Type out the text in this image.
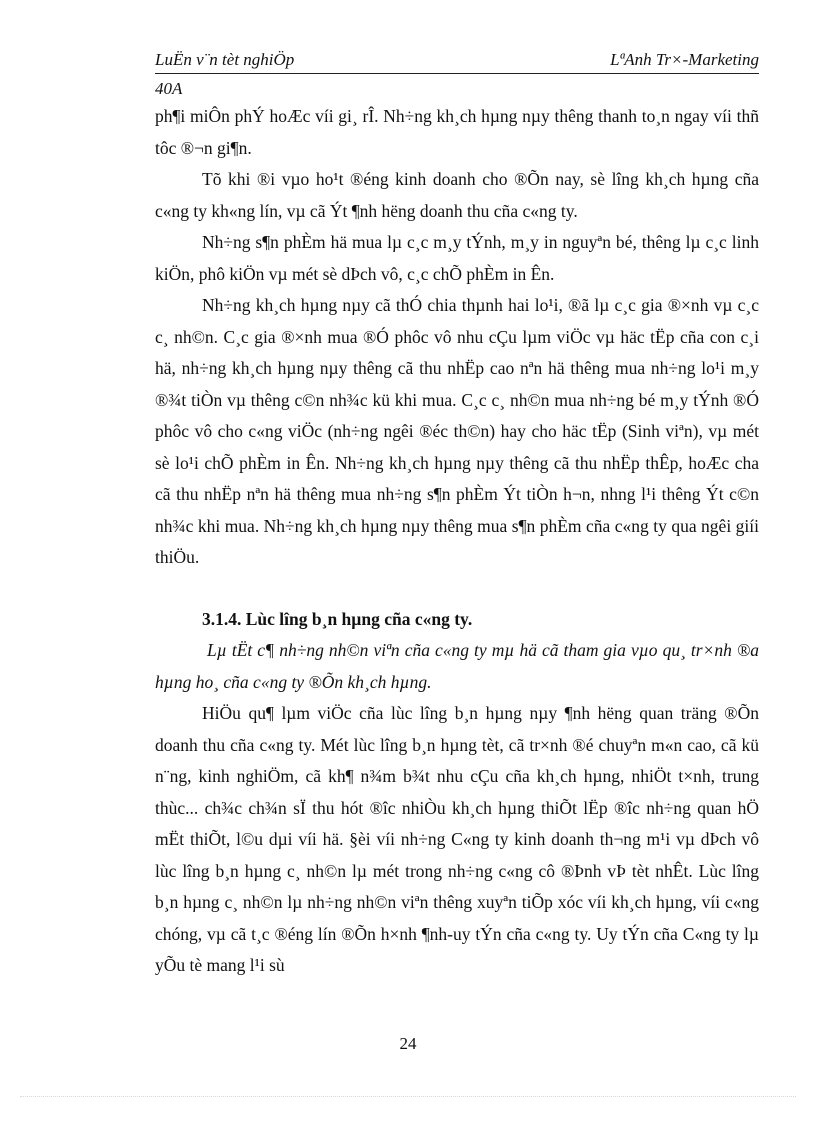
LuËn v¨n tèt nghiÖp	LªAnh Tr×-Marketing
40A

ph¶i miÔn phÝ hoÆc víi gi¸ rÎ. Nh÷ng kh¸ch hµng nµy thêng thanh to¸n ngay víi thñ tôc ®¬n gi¶n.

Tõ khi ®i vµo ho¹t ®éng kinh doanh cho ®Õn nay, sè lîng kh¸ch hµng cña c«ng ty kh«ng lín, vµ cã Ýt ¶nh hëng doanh thu cña c«ng ty.

Nh÷ng s¶n phÈm hä mua lµ c¸c m¸y tÝnh, m¸y in nguyªn bé, thêng lµ c¸c linh kiÖn, phô kiÖn vµ mét sè dÞch vô, c¸c chÕ phÈm in Ên.

Nh÷ng kh¸ch hµng nµy cã thÓ chia thµnh hai lo¹i, ®ã lµ c¸c gia ®×nh vµ c¸c c¸ nh©n. C¸c gia ®×nh mua ®Ó phôc vô nhu cÇu lµm viÖc vµ häc tËp cña con c¸i hä, nh÷ng kh¸ch hµng nµy thêng cã thu nhËp cao nªn hä thêng mua nh÷ng lo¹i m¸y ®¾t tiÒn vµ thêng c©n nh¾c kü khi mua. C¸c c¸ nh©n mua nh÷ng bé m¸y tÝnh ®Ó phôc vô cho c«ng viÖc (nh÷ng ngêi ®éc th©n) hay cho häc tËp (Sinh viªn), vµ mét sè lo¹i chÕ phÈm in Ên. Nh÷ng kh¸ch hµng nµy thêng cã thu nhËp thÊp, hoÆc cha cã thu nhËp nªn hä thêng mua nh÷ng s¶n phÈm Ýt tiÒn h¬n, nhng l¹i thêng Ýt c©n nh¾c khi mua. Nh÷ng kh¸ch hµng nµy thêng mua s¶n phÈm cña c«ng ty qua ngêi giíi thiÖu.

3.1.4. Lùc lîng b¸n hµng cña c«ng ty.

Lµ tËt c¶ nh÷ng nh©n viªn cña c«ng ty mµ hä cã tham gia vµo qu¸ tr×nh ®a hµng ho¸ cña c«ng ty ®Õn kh¸ch hµng.

HiÖu qu¶ lµm viÖc cña lùc lîng b¸n hµng nµy ¶nh hëng quan träng ®Õn doanh thu cña c«ng ty. Mét lùc lîng b¸n hµng tèt, cã tr×nh ®é chuyªn m«n cao, cã kü n¨ng, kinh nghiÖm, cã kh¶ n¾m b¾t nhu cÇu cña kh¸ch hµng, nhiÖt t×nh, trung thùc... ch¾c ch¾n sÏ thu hót ®îc nhiÒu kh¸ch hµng thiÕt lËp ®îc nh÷ng quan hÖ mËt thiÕt, l©u dµi víi hä. §èi víi nh÷ng C«ng ty kinh doanh th¬ng m¹i vµ dÞch vô lùc lîng b¸n hµng c¸ nh©n lµ mét trong nh÷ng c«ng cô ®Þnh vÞ tèt nhÊt. Lùc lîng b¸n hµng c¸ nh©n lµ nh÷ng nh©n viªn thêng xuyªn tiÕp xóc víi kh¸ch hµng, víi c«ng chóng, vµ cã t¸c ®éng lín ®Õn h×nh ¶nh-uy tÝn cña c«ng ty. Uy tÝn cña C«ng ty lµ yÕu tè mang l¹i sù

24
